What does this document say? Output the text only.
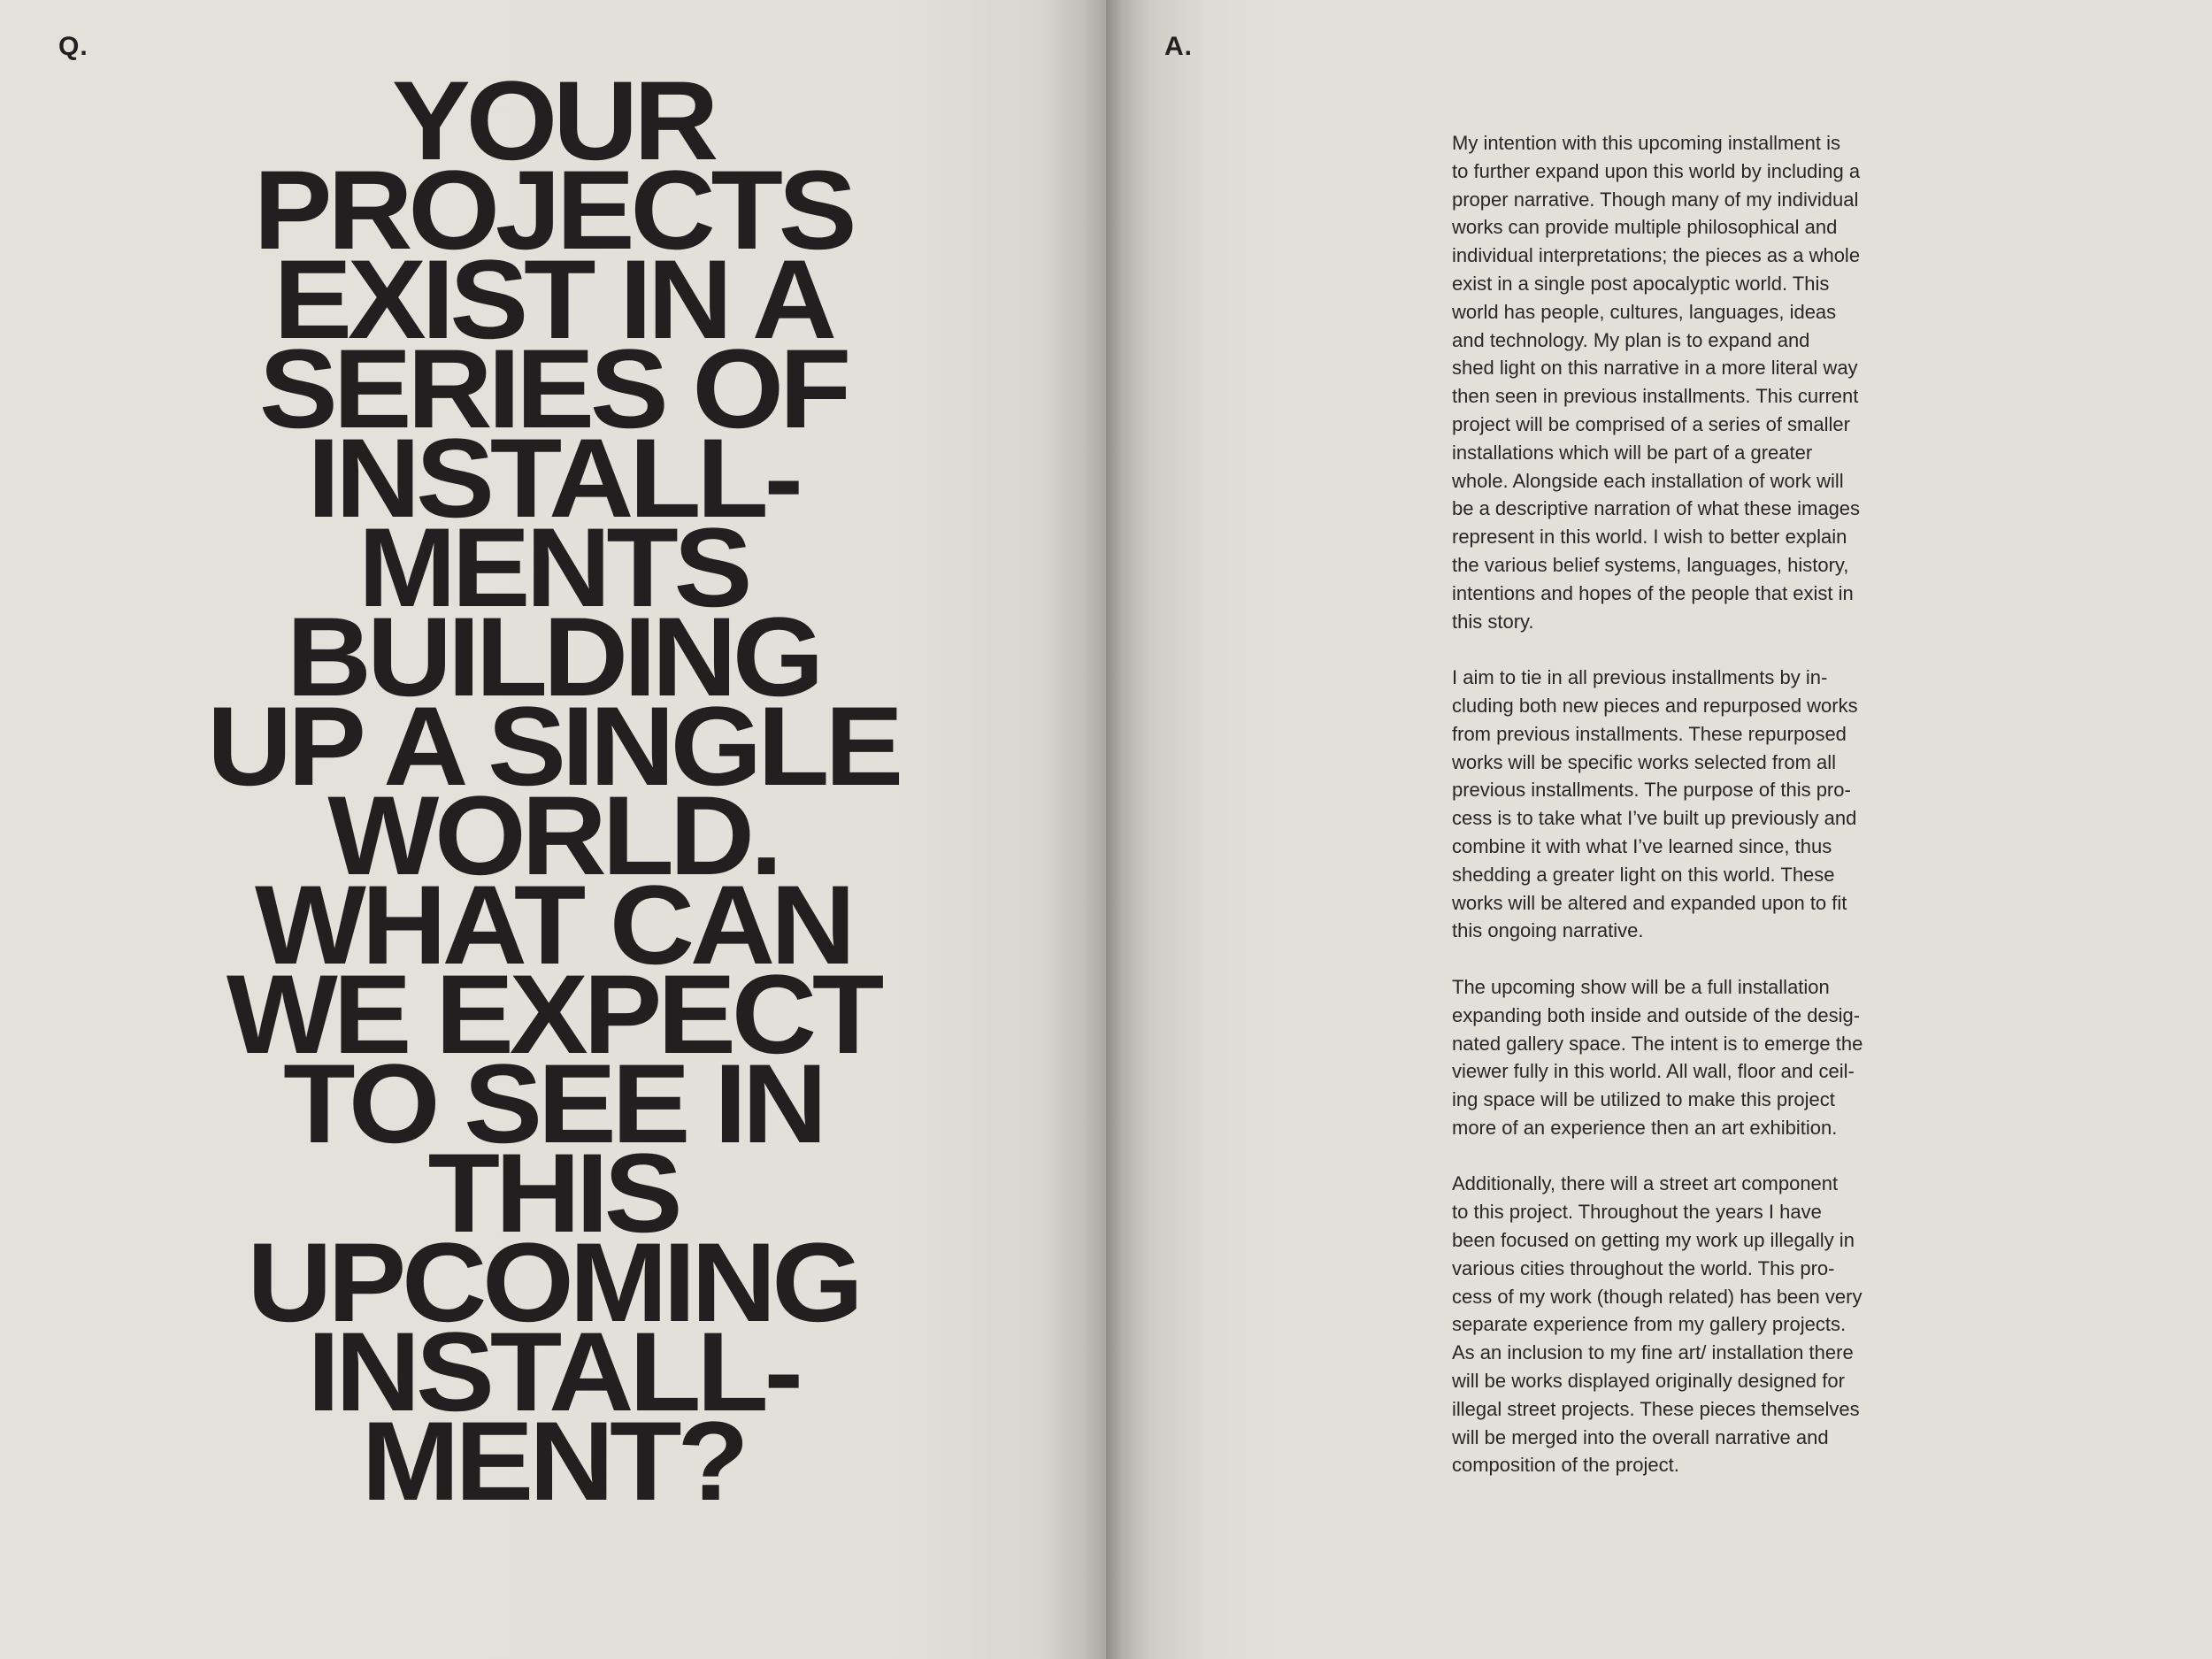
Q.
YOUR
PROJECTS
EXIST IN A
SERIES OF
INSTALL-
MENTS
BUILDING
UP A SINGLE
WORLD.
WHAT CAN
WE EXPECT
TO SEE IN
THIS
UPCOMING
INSTALL-
MENT?
A.

My intention with this upcoming installment is
to further expand upon this world by including a
proper narrative. Though many of my individual
works can provide multiple philosophical and
individual interpretations; the pieces as a whole
exist in a single post apocalyptic world. This
world has people, cultures, languages, ideas
and technology. My plan is to expand and
shed light on this narrative in a more literal way
then seen in previous installments. This current
project will be comprised of a series of smaller
installations which will be part of a greater
whole. Alongside each installation of work will
be a descriptive narration of what these images
represent in this world. I wish to better explain
the various belief systems, languages, history,
intentions and hopes of the people that exist in
this story.

I aim to tie in all previous installments by in-
cluding both new pieces and repurposed works
from previous installments. These repurposed
works will be specific works selected from all
previous installments. The purpose of this pro-
cess is to take what I’ve built up previously and
combine it with what I’ve learned since, thus
shedding a greater light on this world. These
works will be altered and expanded upon to fit
this ongoing narrative.

The upcoming show will be a full installation
expanding both inside and outside of the desig-
nated gallery space. The intent is to emerge the
viewer fully in this world. All wall, floor and ceil-
ing space will be utilized to make this project
more of an experience then an art exhibition.

Additionally, there will a street art component
to this project. Throughout the years I have
been focused on getting my work up illegally in
various cities throughout the world. This pro-
cess of my work (though related) has been very
separate experience from my gallery projects.
As an inclusion to my fine art/ installation there
will be works displayed originally designed for
illegal street projects. These pieces themselves
will be merged into the overall narrative and
composition of the project.
